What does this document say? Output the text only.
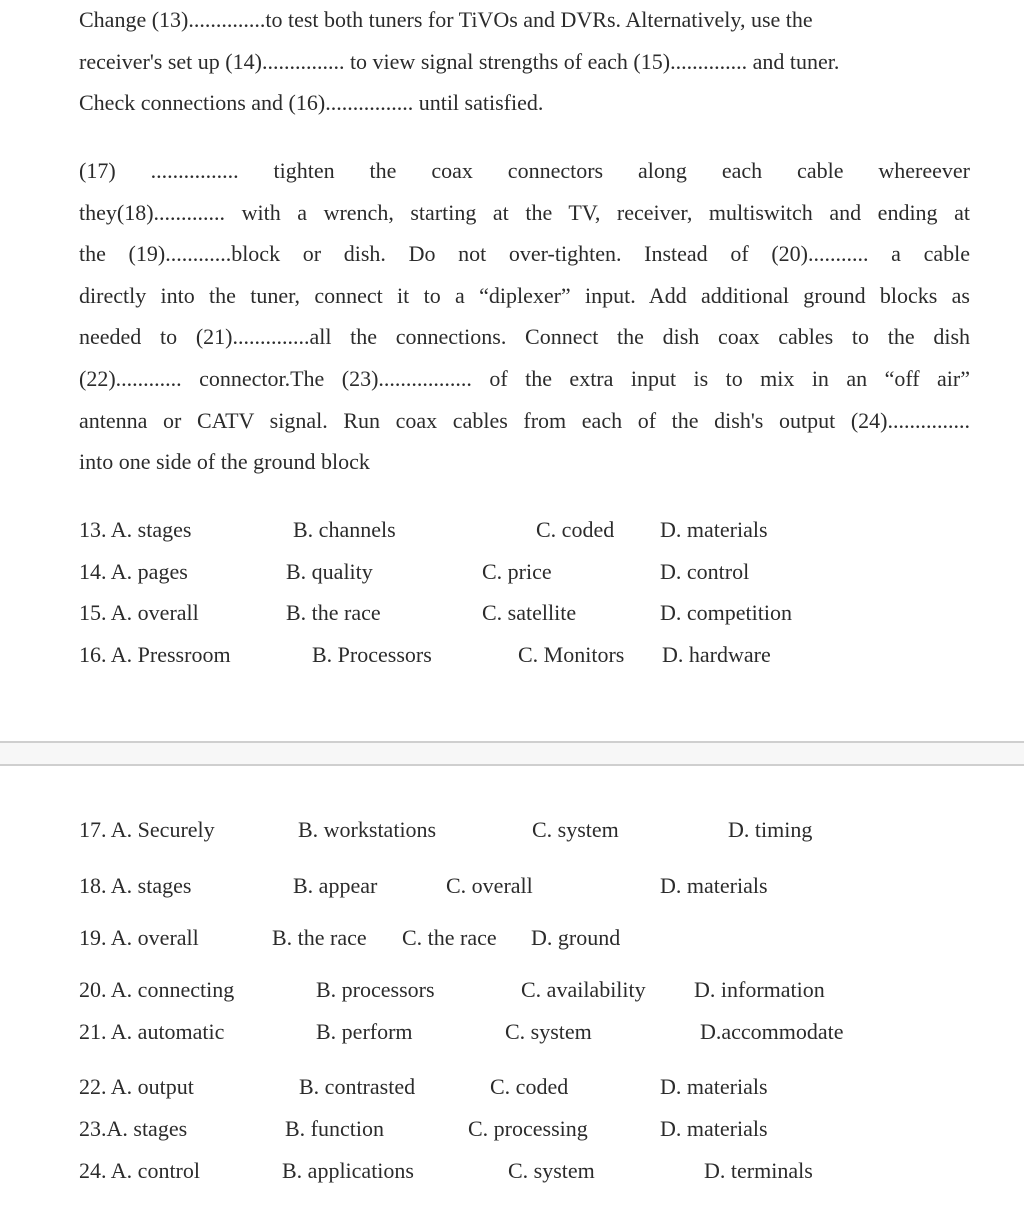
Change (13)..............to test both tuners for TiVOs and DVRs. Alternatively, use the
receiver's set up (14)............... to view signal strengths of each (15).............. and tuner.
Check connections and (16)................ until satisfied.
(17) ................ tighten the coax connectors along each cable whereever
they(18)............. with a wrench, starting at the TV, receiver, multiswitch and ending at
the (19)............block or dish. Do not over-tighten. Instead of (20)........... a cable
directly into the tuner, connect it to a “diplexer” input. Add additional ground blocks as
needed to (21)..............all the connections. Connect the dish coax cables to the dish
(22)............ connector.The (23)................. of the extra input is to mix in an “off air”
antenna or CATV signal. Run coax cables from each of the dish's output (24)...............
into one side of the ground block
13. A. stages	B. channels	C. coded D. materials
14. A. pages	B. quality	C. price	D. control
15. A. overall	B. the race	C. satellite	D. competition
16. A. Pressroom	B. Processors	C. Monitors D. hardware
17. A. Securely	B. workstations	C. system	D. timing
18. A. stages	B. appear	C. overall	D. materials
19. A. overall	B. the race C. the race D. ground
20. A. connecting	B. processors	C. availability D. information
21. A. automatic	B. perform	C. system	D.accommodate
22. A. output	B. contrasted	C. coded	D. materials
23.A. stages	B. function	C. processing	D. materials
24. A. control	B. applications	C. system	D. terminals
